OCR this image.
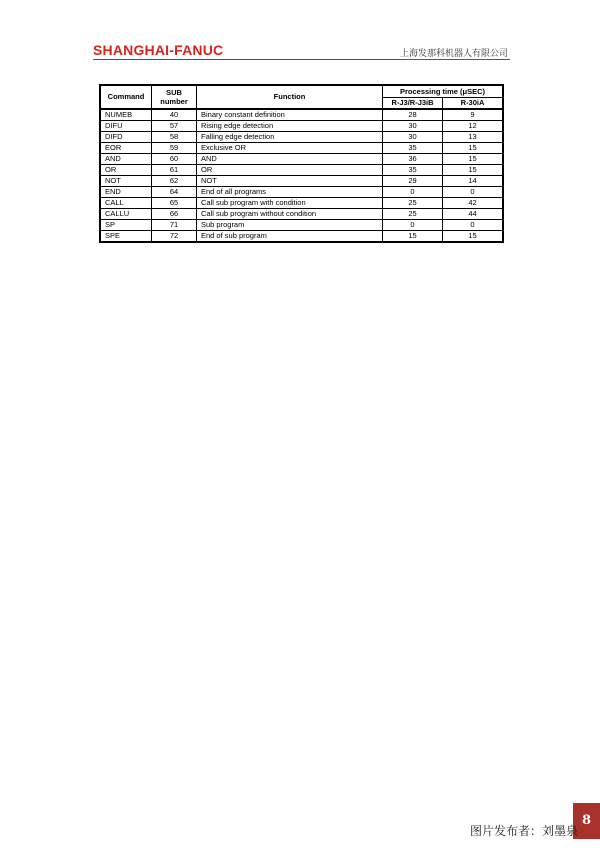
SHANGHAI-FANUC	上海发那科机器人有限公司
Command	SUB number	Function	Processing time (μSEC)	
			R-J3/R-J3iB	R-30iA
NUMEB	40	Binary constant definition	28	9
DIFU	57	Rising edge detection	30	12
DIFD	58	Falling edge detection	30	13
EOR	59	Exclusive OR	35	15
AND	60	AND	36	15
OR	61	OR	35	15
NOT	62	NOT	29	14
END	64	End of all programs	0	0
CALL	65	Call sub program with condition	25	42
CALLU	66	Call sub program without condition	25	44
SP	71	Sub program	0	0
SPE	72	End of sub program	15	15
8
图片发布者：刘墨泉
